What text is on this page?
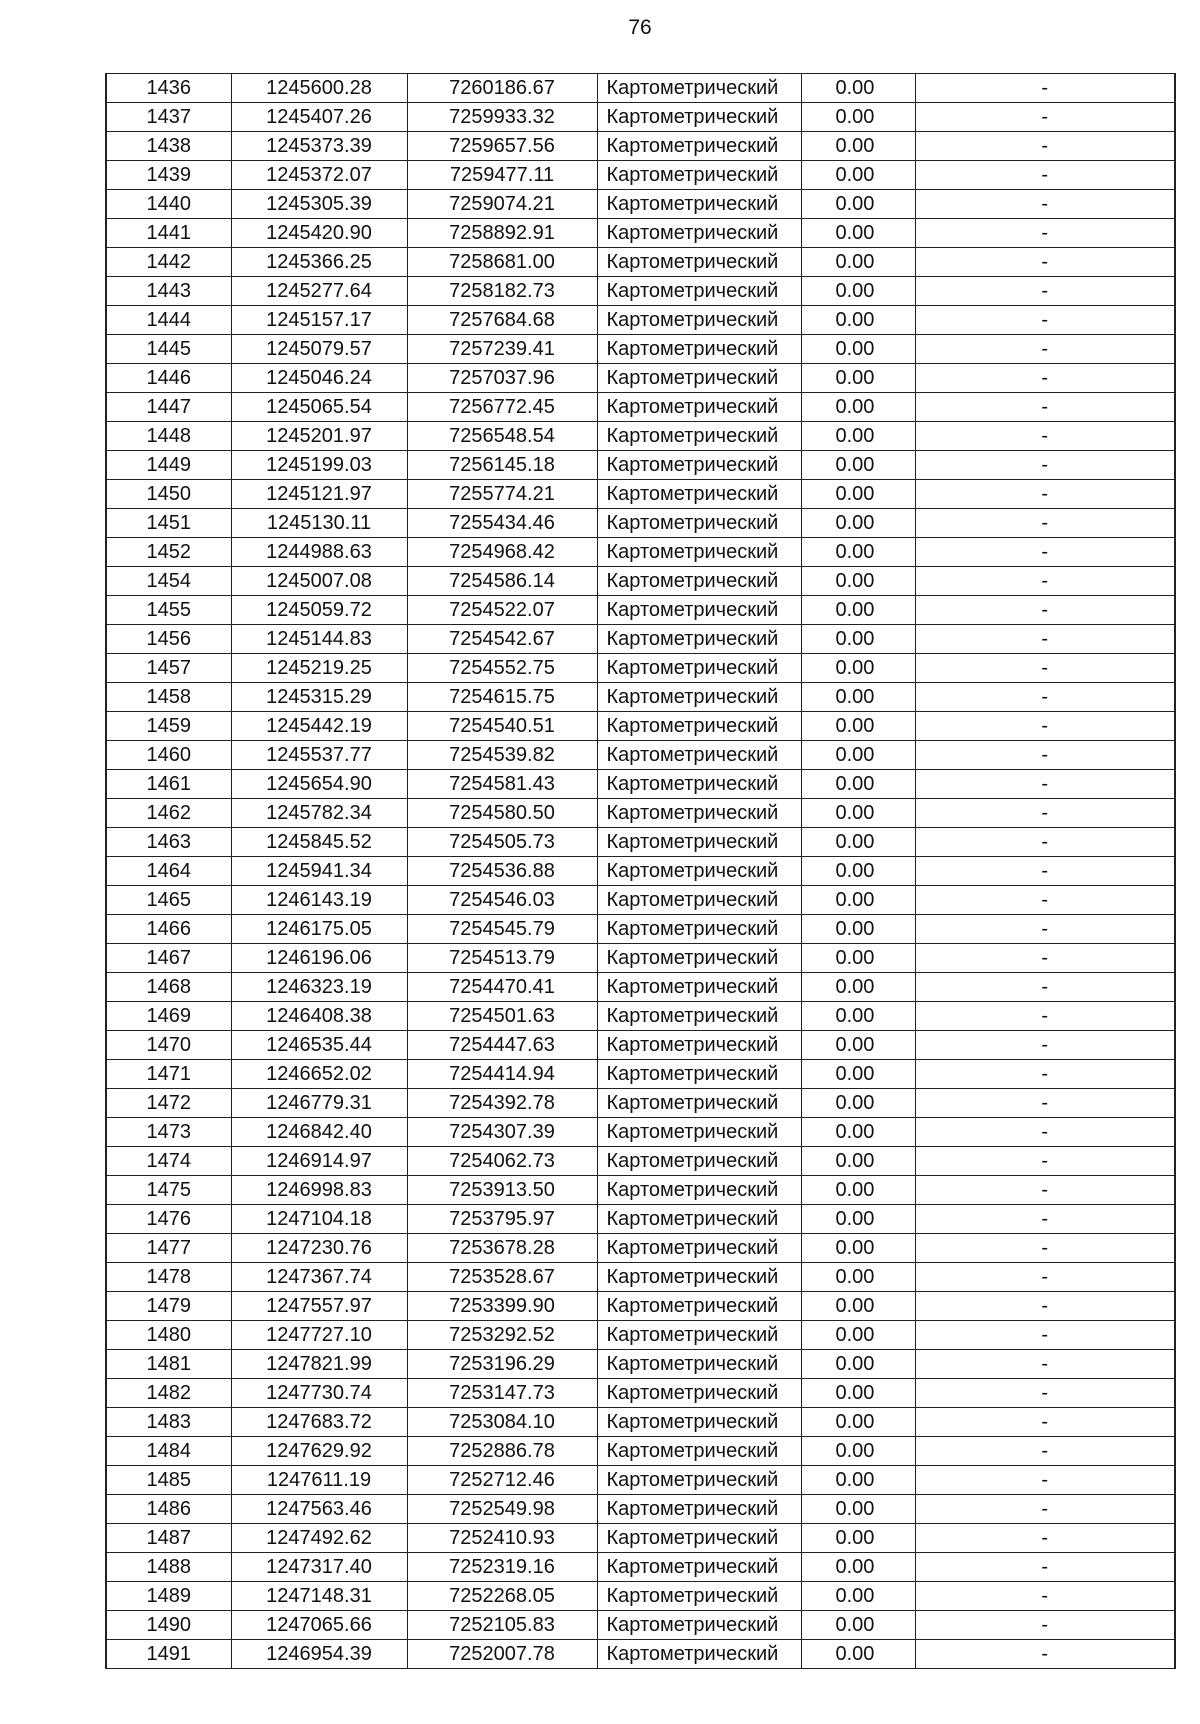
76
1436	1245600.28	7260186.67	Картометрический	0.00	-
1437	1245407.26	7259933.32	Картометрический	0.00	-
1438	1245373.39	7259657.56	Картометрический	0.00	-
1439	1245372.07	7259477.11	Картометрический	0.00	-
1440	1245305.39	7259074.21	Картометрический	0.00	-
1441	1245420.90	7258892.91	Картометрический	0.00	-
1442	1245366.25	7258681.00	Картометрический	0.00	-
1443	1245277.64	7258182.73	Картометрический	0.00	-
1444	1245157.17	7257684.68	Картометрический	0.00	-
1445	1245079.57	7257239.41	Картометрический	0.00	-
1446	1245046.24	7257037.96	Картометрический	0.00	-
1447	1245065.54	7256772.45	Картометрический	0.00	-
1448	1245201.97	7256548.54	Картометрический	0.00	-
1449	1245199.03	7256145.18	Картометрический	0.00	-
1450	1245121.97	7255774.21	Картометрический	0.00	-
1451	1245130.11	7255434.46	Картометрический	0.00	-
1452	1244988.63	7254968.42	Картометрический	0.00	-
1454	1245007.08	7254586.14	Картометрический	0.00	-
1455	1245059.72	7254522.07	Картометрический	0.00	-
1456	1245144.83	7254542.67	Картометрический	0.00	-
1457	1245219.25	7254552.75	Картометрический	0.00	-
1458	1245315.29	7254615.75	Картометрический	0.00	-
1459	1245442.19	7254540.51	Картометрический	0.00	-
1460	1245537.77	7254539.82	Картометрический	0.00	-
1461	1245654.90	7254581.43	Картометрический	0.00	-
1462	1245782.34	7254580.50	Картометрический	0.00	-
1463	1245845.52	7254505.73	Картометрический	0.00	-
1464	1245941.34	7254536.88	Картометрический	0.00	-
1465	1246143.19	7254546.03	Картометрический	0.00	-
1466	1246175.05	7254545.79	Картометрический	0.00	-
1467	1246196.06	7254513.79	Картометрический	0.00	-
1468	1246323.19	7254470.41	Картометрический	0.00	-
1469	1246408.38	7254501.63	Картометрический	0.00	-
1470	1246535.44	7254447.63	Картометрический	0.00	-
1471	1246652.02	7254414.94	Картометрический	0.00	-
1472	1246779.31	7254392.78	Картометрический	0.00	-
1473	1246842.40	7254307.39	Картометрический	0.00	-
1474	1246914.97	7254062.73	Картометрический	0.00	-
1475	1246998.83	7253913.50	Картометрический	0.00	-
1476	1247104.18	7253795.97	Картометрический	0.00	-
1477	1247230.76	7253678.28	Картометрический	0.00	-
1478	1247367.74	7253528.67	Картометрический	0.00	-
1479	1247557.97	7253399.90	Картометрический	0.00	-
1480	1247727.10	7253292.52	Картометрический	0.00	-
1481	1247821.99	7253196.29	Картометрический	0.00	-
1482	1247730.74	7253147.73	Картометрический	0.00	-
1483	1247683.72	7253084.10	Картометрический	0.00	-
1484	1247629.92	7252886.78	Картометрический	0.00	-
1485	1247611.19	7252712.46	Картометрический	0.00	-
1486	1247563.46	7252549.98	Картометрический	0.00	-
1487	1247492.62	7252410.93	Картометрический	0.00	-
1488	1247317.40	7252319.16	Картометрический	0.00	-
1489	1247148.31	7252268.05	Картометрический	0.00	-
1490	1247065.66	7252105.83	Картометрический	0.00	-
1491	1246954.39	7252007.78	Картометрический	0.00	-
